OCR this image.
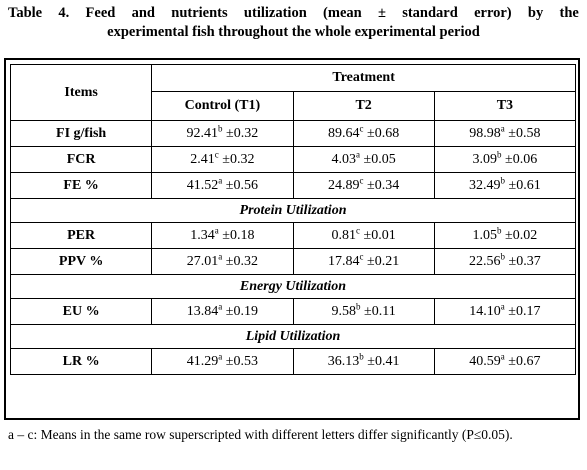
Table 4. Feed and nutrients utilization (mean ± standard error) by the
experimental fish throughout the whole experimental period
Items	Treatment		
	Control (T1)	T2	T3
FI g/fish	92.41$^b$ ±0.32	89.64$^c$ ±0.68	98.98$^a$ ±0.58
FCR	2.41$^c$ ±0.32	4.03$^a$ ±0.05	3.09$^b$ ±0.06
FE %	41.52$^a$ ±0.56	24.89$^c$ ±0.34	32.49$^b$ ±0.61
Protein Utilization			
PER	1.34$^a$ ±0.18	0.81$^c$ ±0.01	1.05$^b$ ±0.02
PPV %	27.01$^a$ ±0.32	17.84$^c$ ±0.21	22.56$^b$ ±0.37
Energy Utilization			
EU %	13.84$^a$ ±0.19	9.58$^b$ ±0.11	14.10$^a$ ±0.17
Lipid Utilization			
LR %	41.29$^a$ ±0.53	36.13$^b$ ±0.41	40.59$^a$ ±0.67
a – c: Means in the same row superscripted with different letters differ significantly (P≤0.05).
